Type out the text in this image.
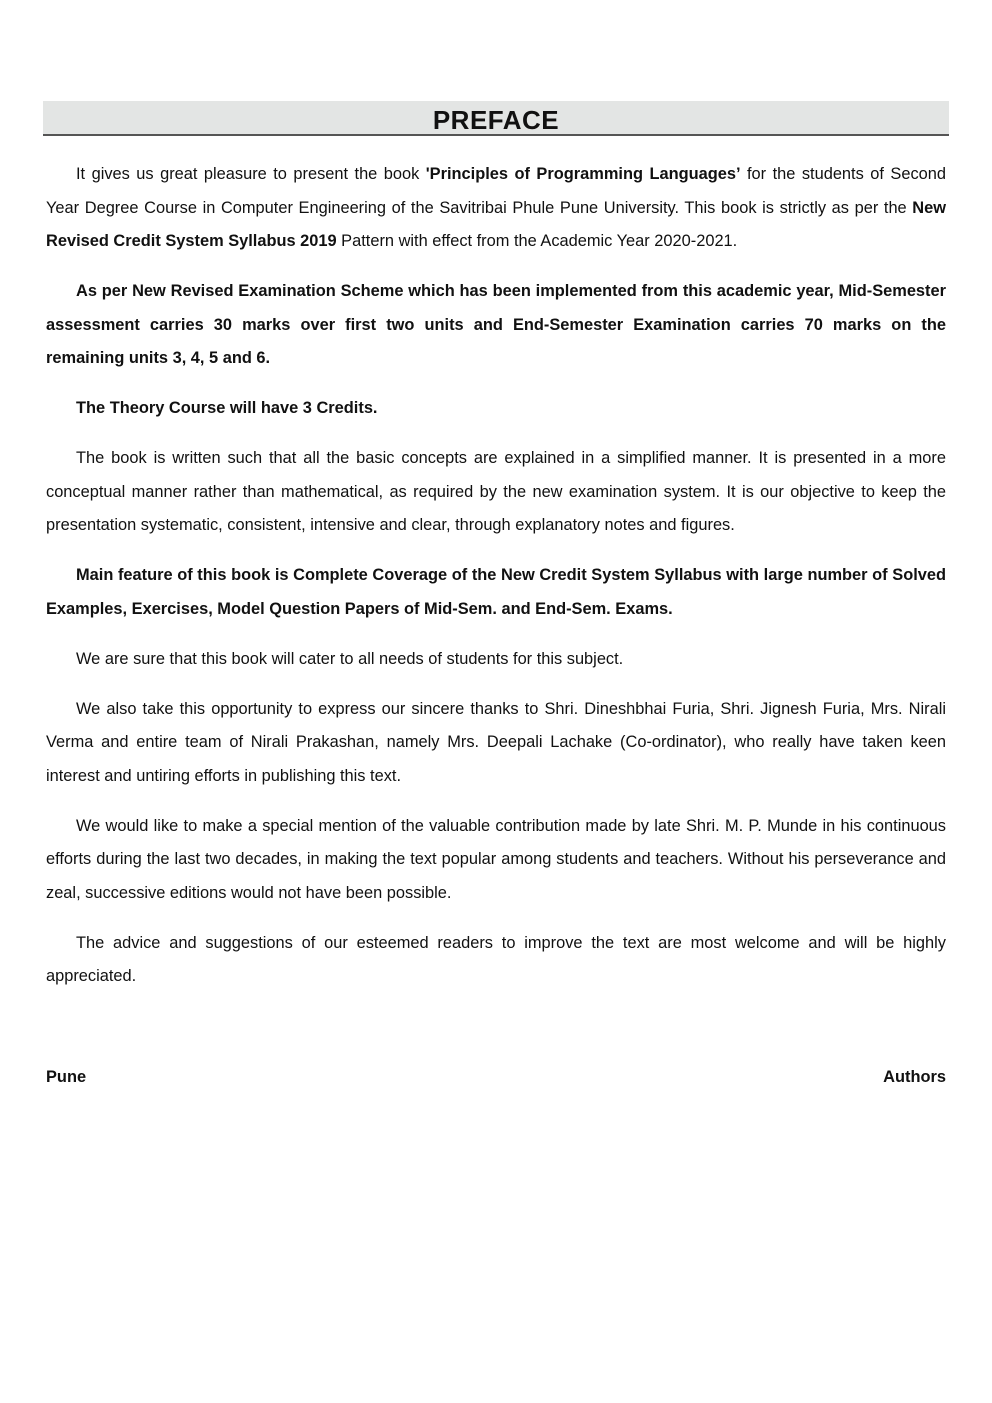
PREFACE

It gives us great pleasure to present the book 'Principles of Programming Languages’ for the students of Second Year Degree Course in Computer Engineering of the Savitribai Phule Pune University. This book is strictly as per the New Revised Credit System Syllabus 2019 Pattern with effect from the Academic Year 2020-2021.

As per New Revised Examination Scheme which has been implemented from this academic year, Mid-Semester assessment carries 30 marks over first two units and End-Semester Examination carries 70 marks on the remaining units 3, 4, 5 and 6.

The Theory Course will have 3 Credits.

The book is written such that all the basic concepts are explained in a simplified manner. It is presented in a more conceptual manner rather than mathematical, as required by the new examination system. It is our objective to keep the presentation systematic, consistent, intensive and clear, through explanatory notes and figures.

Main feature of this book is Complete Coverage of the New Credit System Syllabus with large number of Solved Examples, Exercises, Model Question Papers of Mid-Sem. and End-Sem. Exams.

We are sure that this book will cater to all needs of students for this subject.

We also take this opportunity to express our sincere thanks to Shri. Dineshbhai Furia, Shri. Jignesh Furia, Mrs. Nirali Verma and entire team of Nirali Prakashan, namely Mrs. Deepali Lachake (Co-ordinator), who really have taken keen interest and untiring efforts in publishing this text.

We would like to make a special mention of the valuable contribution made by late Shri. M. P. Munde in his continuous efforts during the last two decades, in making the text popular among students and teachers. Without his perseverance and zeal, successive editions would not have been possible.

The advice and suggestions of our esteemed readers to improve the text are most welcome and will be highly appreciated.

Pune	Authors
